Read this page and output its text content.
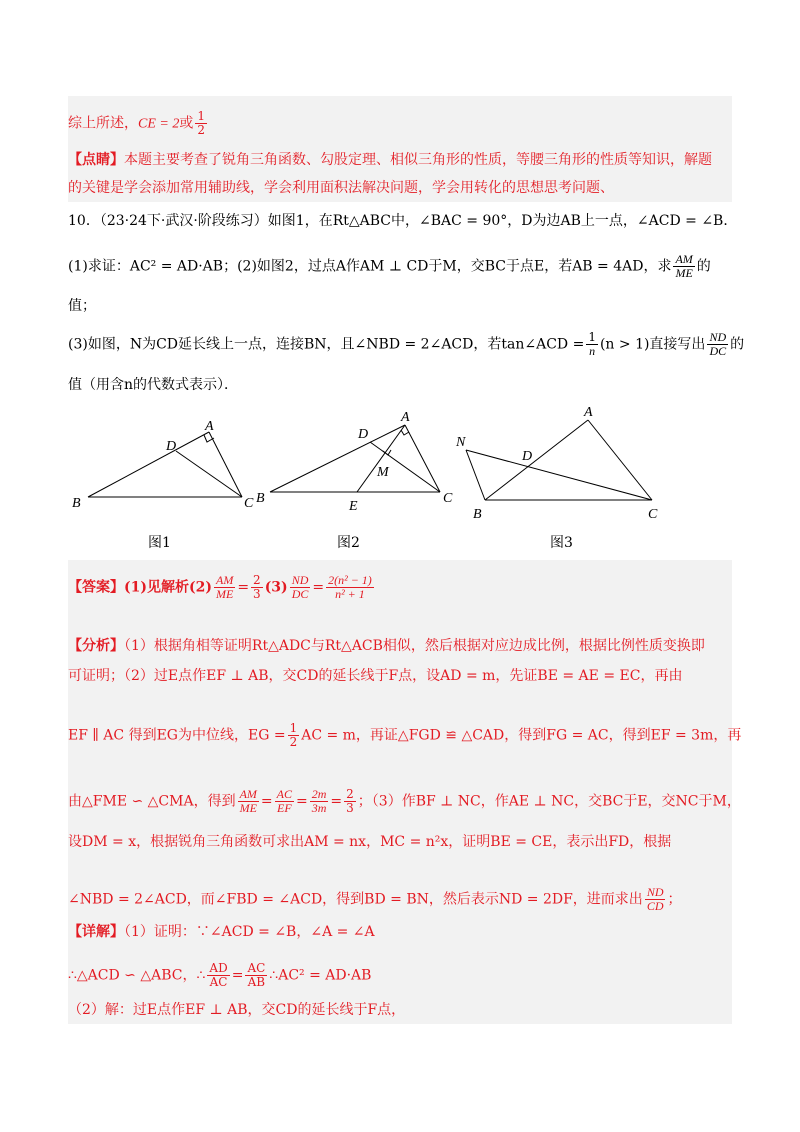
综上所述，CE = 2或 $\frac{1}{2}$
【点睛】本题主要考查了锐角三角函数、勾股定理、相似三角形的性质，等腰三角形的性质等知识，解题
的关键是学会添加常用辅助线，学会利用面积法解决问题，学会用转化的思想思考问题、
10．（23·24下·武汉·阶段练习）如图1，在Rt△ABC中，∠BAC = 90°，D为边AB上一点，∠ACD = ∠B．
(1)求证：AC² = AD·AB；(2)如图2，过点A作AM ⊥ CD于M，交BC于点E，若AB = 4AD，求 $\frac{AM}{ME}$ 的
值；
(3)如图，N为CD延长线上一点，连接BN，且∠NBD = 2∠ACD，若tan∠ACD = $\frac{1}{n} (n > 1)$直接写出 $\frac{ND}{DC}$ 的
值（用含n的代数式表示）．
A
D
B	C
A
D
M
B
E
C
A
N
D
B	C
图1	图2	图3
【答案】(1)见解析$(2) \frac{AM}{ME} = \frac{2}{3} (3) \frac{ND}{DC} = \frac{\text{2(n² − 1)}}{\text{n² + 1}}$
【分析】（1）根据角相等证明Rt△ADC与Rt△ACB相似，然后根据对应边成比例，根据比例性质变换即
可证明；（2）过E点作EF ⊥ AB，交CD的延长线于F点，设AD = m，先证BE = AE = EC，再由
EF ∥ AC 得到EG为中位线，EG = $\frac{1}{2}$ AC = m，再证△FGD ≌ △CAD，得到FG = AC，得到EF = 3m，再
由△FME ∽ △CMA，得到 $\frac{AM}{ME} = \frac{AC}{EF} = \frac{2m}{3m} = \frac{2}{3}$ ；（3）作BF ⊥ NC，作AE ⊥ NC，交BC于E，交NC于M，
设DM = x，根据锐角三角函数可求出AM = nx，MC = n²x，证明BE = CE，表示出FD，根据
∠NBD = 2∠ACD，而∠FBD = ∠ACD，得到BD = BN，然后表示ND = 2DF，进而求出 $\frac{ND}{CD}$ ；
【详解】（1）证明：∵∠ACD = ∠B，∠A = ∠A
∴△ACD ∽ △ABC，∴ $\frac{AD}{AC} = \frac{AC}{AB}$ ∴AC² = AD·AB
（2）解：过E点作EF ⊥ AB，交CD的延长线于F点，
